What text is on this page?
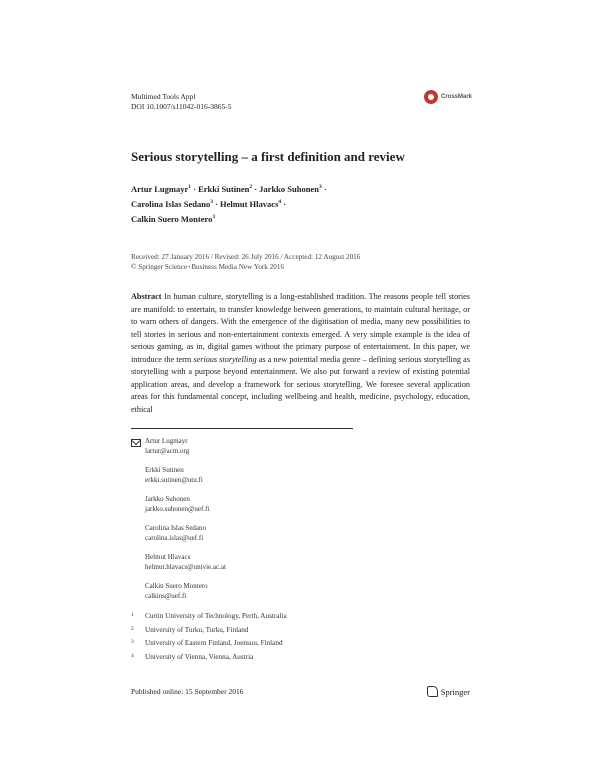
Multimed Tools Appl
DOI 10.1007/s11042-016-3865-5
CrossMark
Serious storytelling – a first definition and review
Artur Lugmayr$^1$ · Erkki Sutinen$^2$ · Jarkko Suhonen$^3$ ·
Carolina Islas Sedano$^3$ · Helmut Hlavacs$^4$ ·
Calkin Suero Montero$^3$
Received: 27 January 2016 / Revised: 26 July 2016 / Accepted: 12 August 2016
© Springer Science+Business Media New York 2016
Abstract In human culture, storytelling is a long-established tradition. The reasons people tell stories are manifold: to entertain, to transfer knowledge between generations, to maintain cultural heritage, or to warn others of dangers. With the emergence of the digitisation of media, many new possibilities to tell stories in serious and non-entertainment contexts emerged. A very simple example is the idea of serious gaming, as in, digital games without the primary purpose of entertainment. In this paper, we introduce the term serious storytelling as a new potential media genre – defining serious storytelling as storytelling with a purpose beyond entertainment. We also put forward a review of existing potential application areas, and develop a framework for serious storytelling. We foresee several application areas for this fundamental concept, including wellbeing and health, medicine, psychology, education, ethical
Artur Lugmayr
lartur@acm.org
Erkki Sutinen
erkki.sutinen@utu.fi
Jarkko Suhonen
jarkko.suhonen@uef.fi
Carolina Islas Sedano
carolina.islas@uef.fi
Helmut Hlavacs
helmut.hlavacs@univie.ac.at
Calkin Suero Montero
calkins@uef.fi
1	Curtin University of Technology, Perth, Australia
2	University of Turku, Turku, Finland
3	University of Eastern Finland, Joensuu, Finland
4	University of Vienna, Vienna, Austria
Published online: 15 September 2016	Springer
